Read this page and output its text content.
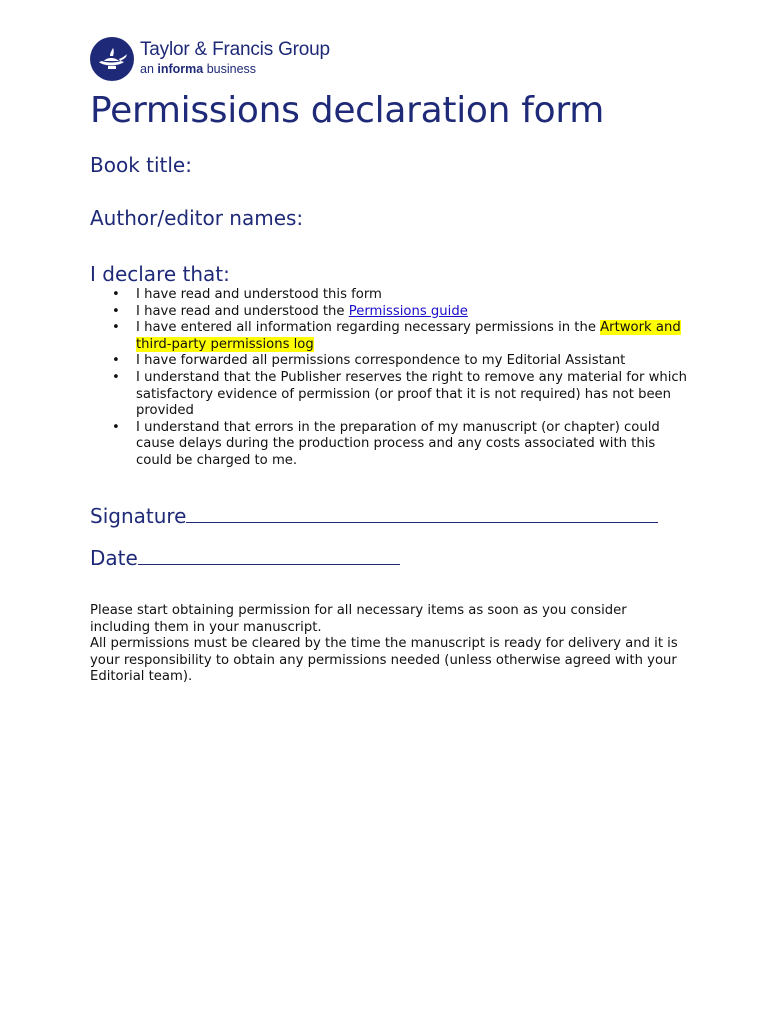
Taylor & Francis Group
an informa business
Permissions declaration form
Book title:
Author/editor names:
I declare that:
• I have read and understood this form
• I have read and understood the Permissions guide
• I have entered all information regarding necessary permissions in the Artwork and third-party permissions log
• I have forwarded all permissions correspondence to my Editorial Assistant
• I understand that the Publisher reserves the right to remove any material for which satisfactory evidence of permission (or proof that it is not required) has not been provided
• I understand that errors in the preparation of my manuscript (or chapter) could cause delays during the production process and any costs associated with this could be charged to me.
Signature
Date

Please start obtaining permission for all necessary items as soon as you consider including them in your manuscript.

All permissions must be cleared by the time the manuscript is ready for delivery and it is your responsibility to obtain any permissions needed (unless otherwise agreed with your Editorial team).
